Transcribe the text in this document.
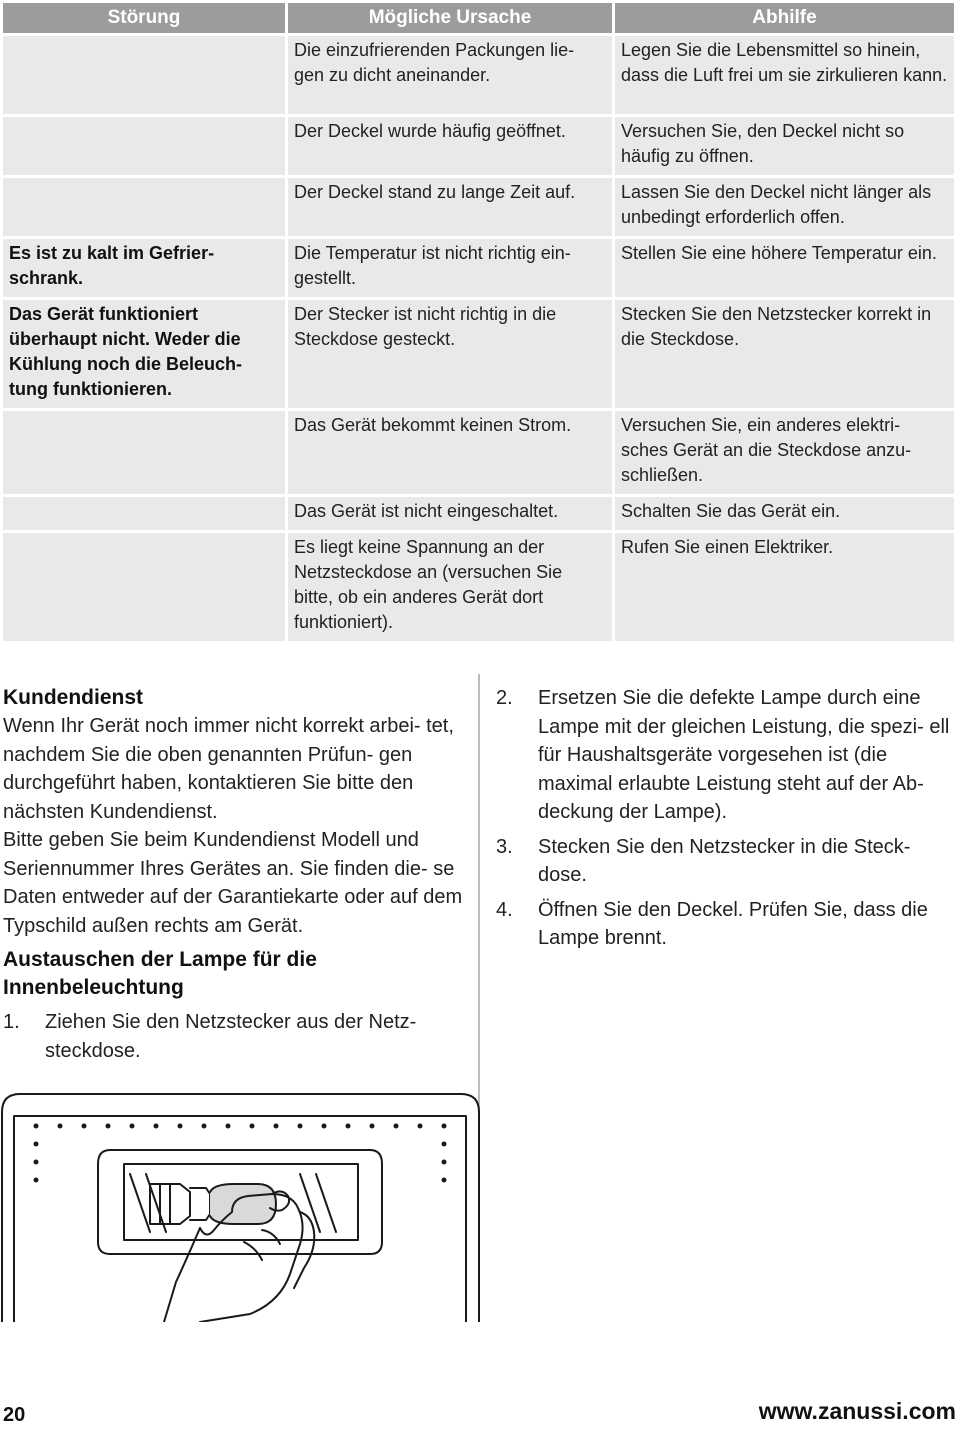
Störung	Mögliche Ursache	Abhilfe
	Die einzufrierenden Packungen lie- gen zu dicht aneinander.	Legen Sie die Lebensmittel so hinein, dass die Luft frei um sie zirkulieren kann.
	Der Deckel wurde häufig geöffnet.	Versuchen Sie, den Deckel nicht so häufig zu öffnen.
	Der Deckel stand zu lange Zeit auf.	Lassen Sie den Deckel nicht länger als unbedingt erforderlich offen.
Es ist zu kalt im Gefrier- schrank.	Die Temperatur ist nicht richtig ein- gestellt.	Stellen Sie eine höhere Temperatur ein.
Das Gerät funktioniert überhaupt nicht. Weder die Kühlung noch die Beleuch- tung funktionieren.	Der Stecker ist nicht richtig in die Steckdose gesteckt.	Stecken Sie den Netzstecker korrekt in die Steckdose.
	Das Gerät bekommt keinen Strom.	Versuchen Sie, ein anderes elektri- sches Gerät an die Steckdose anzu- schließen.
	Das Gerät ist nicht eingeschaltet.	Schalten Sie das Gerät ein.
	Es liegt keine Spannung an der Netzsteckdose an (versuchen Sie bitte, ob ein anderes Gerät dort funktioniert).	Rufen Sie einen Elektriker.
Kundendienst

Wenn Ihr Gerät noch immer nicht korrekt arbei- tet, nachdem Sie die oben genannten Prüfun- gen durchgeführt haben, kontaktieren Sie bitte den nächsten Kundendienst.

Bitte geben Sie beim Kundendienst Modell und Seriennummer Ihres Gerätes an. Sie finden die- se Daten entweder auf der Garantiekarte oder auf dem Typschild außen rechts am Gerät.

Austauschen der Lampe für die Innenbeleuchtung
1. Ziehen Sie den Netzstecker aus der Netz- steckdose.
2. Ersetzen Sie die defekte Lampe durch eine Lampe mit der gleichen Leistung, die spezi- ell für Haushaltsgeräte vorgesehen ist (die maximal erlaubte Leistung steht auf der Ab- deckung der Lampe).
3. Stecken Sie den Netzstecker in die Steck- dose.
4. Öffnen Sie den Deckel. Prüfen Sie, dass die Lampe brennt.
20	www.zanussi.com
